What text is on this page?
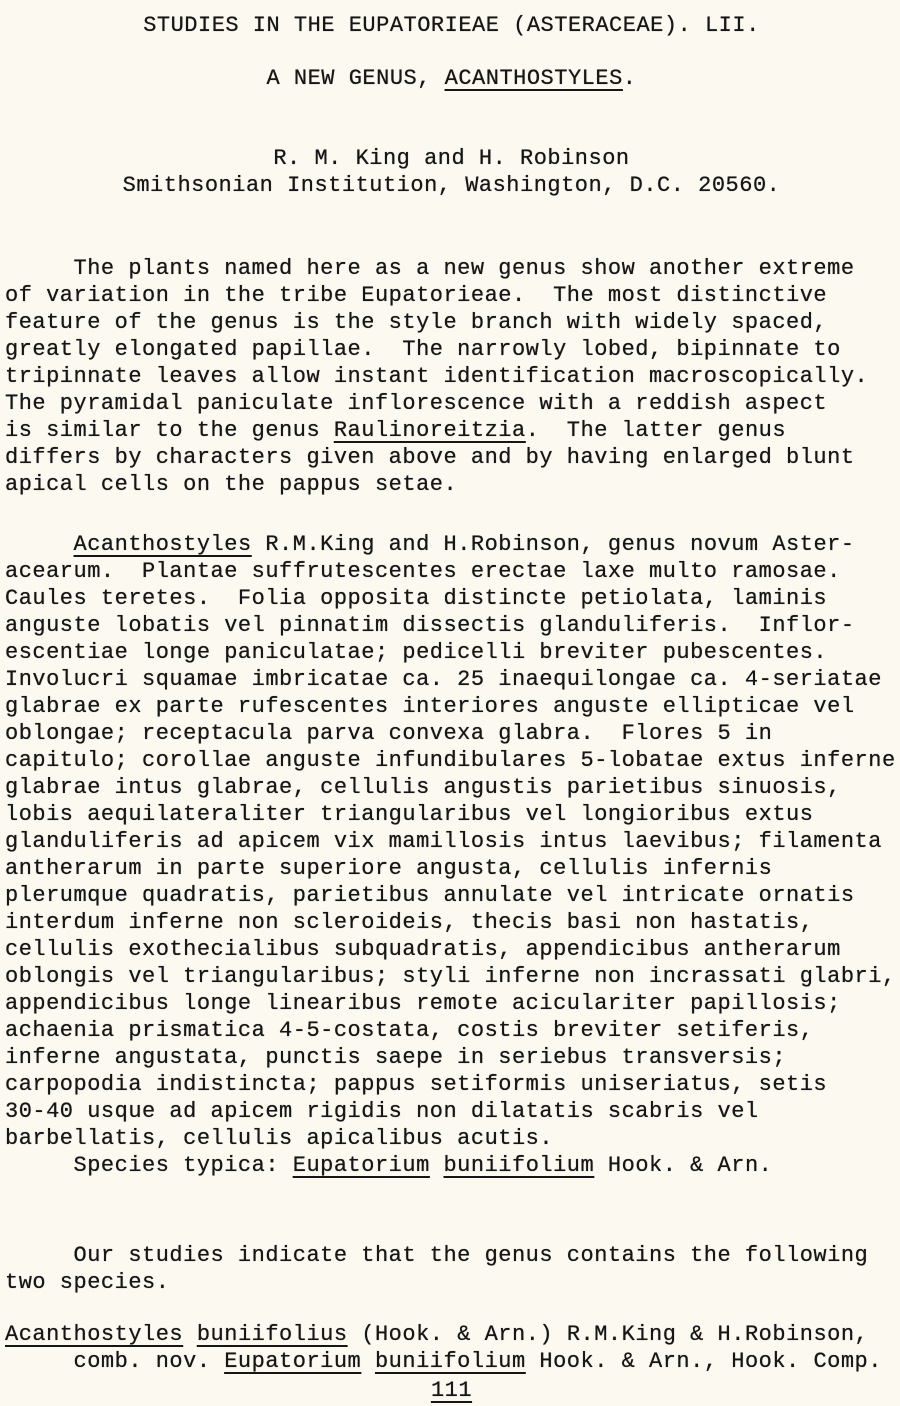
STUDIES IN THE EUPATORIEAE (ASTERACEAE). LII.
A NEW GENUS, ACANTHOSTYLES.
R. M. King and H. Robinson
Smithsonian Institution, Washington, D.C. 20560.
The plants named here as a new genus show another extreme
of variation in the tribe Eupatorieae.  The most distinctive
feature of the genus is the style branch with widely spaced,
greatly elongated papillae.  The narrowly lobed, bipinnate to
tripinnate leaves allow instant identification macroscopically.
The pyramidal paniculate inflorescence with a reddish aspect
is similar to the genus Raulinoreitzia.  The latter genus
differs by characters given above and by having enlarged blunt
apical cells on the pappus setae.
Acanthostyles R.M.King and H.Robinson, genus novum Aster-
acearum.  Plantae suffrutescentes erectae laxe multo ramosae.
Caules teretes.  Folia opposita distincte petiolata, laminis
anguste lobatis vel pinnatim dissectis glanduliferis.  Inflor-
escentiae longe paniculatae; pedicelli breviter pubescentes.
Involucri squamae imbricatae ca. 25 inaequilongae ca. 4-seriatae
glabrae ex parte rufescentes interiores anguste ellipticae vel
oblongae; receptacula parva convexa glabra.  Flores 5 in
capitulo; corollae anguste infundibulares 5-lobatae extus inferne
glabrae intus glabrae, cellulis angustis parietibus sinuosis,
lobis aequilateraliter triangularibus vel longioribus extus
glanduliferis ad apicem vix mamillosis intus laevibus; filamenta
antherarum in parte superiore angusta, cellulis infernis
plerumque quadratis, parietibus annulate vel intricate ornatis
interdum inferne non scleroideis, thecis basi non hastatis,
cellulis exothecialibus subquadratis, appendicibus antherarum
oblongis vel triangularibus; styli inferne non incrassati glabri,
appendicibus longe linearibus remote aciculariter papillosis;
achaenia prismatica 4-5-costata, costis breviter setiferis,
inferne angustata, punctis saepe in seriebus transversis;
carpopodia indistincta; pappus setiformis uniseriatus, setis
30-40 usque ad apicem rigidis non dilatatis scabris vel
barbellatis, cellulis apicalibus acutis.
Species typica: Eupatorium buniifolium Hook. & Arn.
Our studies indicate that the genus contains the following
two species.
Acanthostyles buniifolius (Hook. & Arn.) R.M.King & H.Robinson,
comb. nov. Eupatorium buniifolium Hook. & Arn., Hook. Comp.
111
